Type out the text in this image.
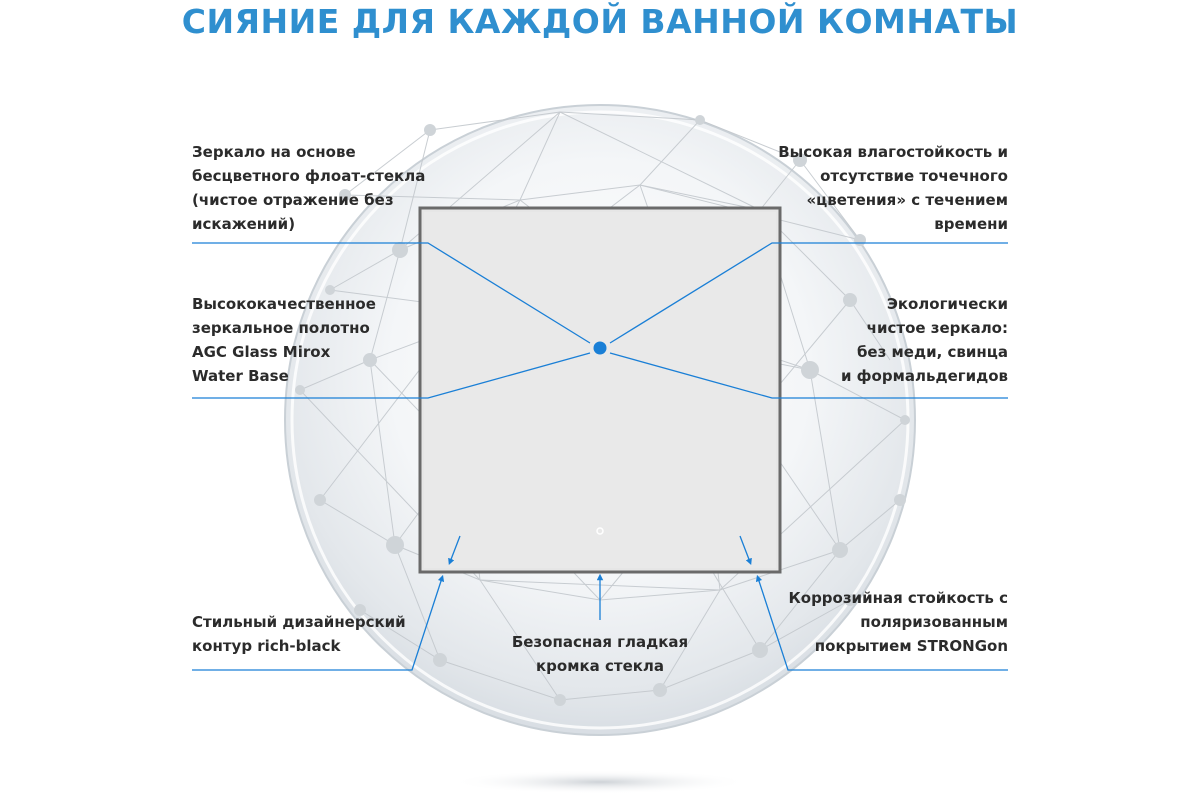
СИЯНИЕ ДЛЯ КАЖДОЙ ВАННОЙ КОМНАТЫ

Зеркало на основе
бесцветного флоат-стекла
(чистое отражение без
искажений)

Высококачественное
зеркальное полотно
AGC Glass Mirox
Water Base

Стильный дизайнерский
контур rich-black	Безопасная гладкая
кромка стекла

Высокая влагостойкость и
отсутствие точечного
«цветения» с течением
времени

Экологически
чистое зеркало:
без меди, свинца
и формальдегидов

Коррозийная стойкость с
поляризованным
покрытием STRONGon
